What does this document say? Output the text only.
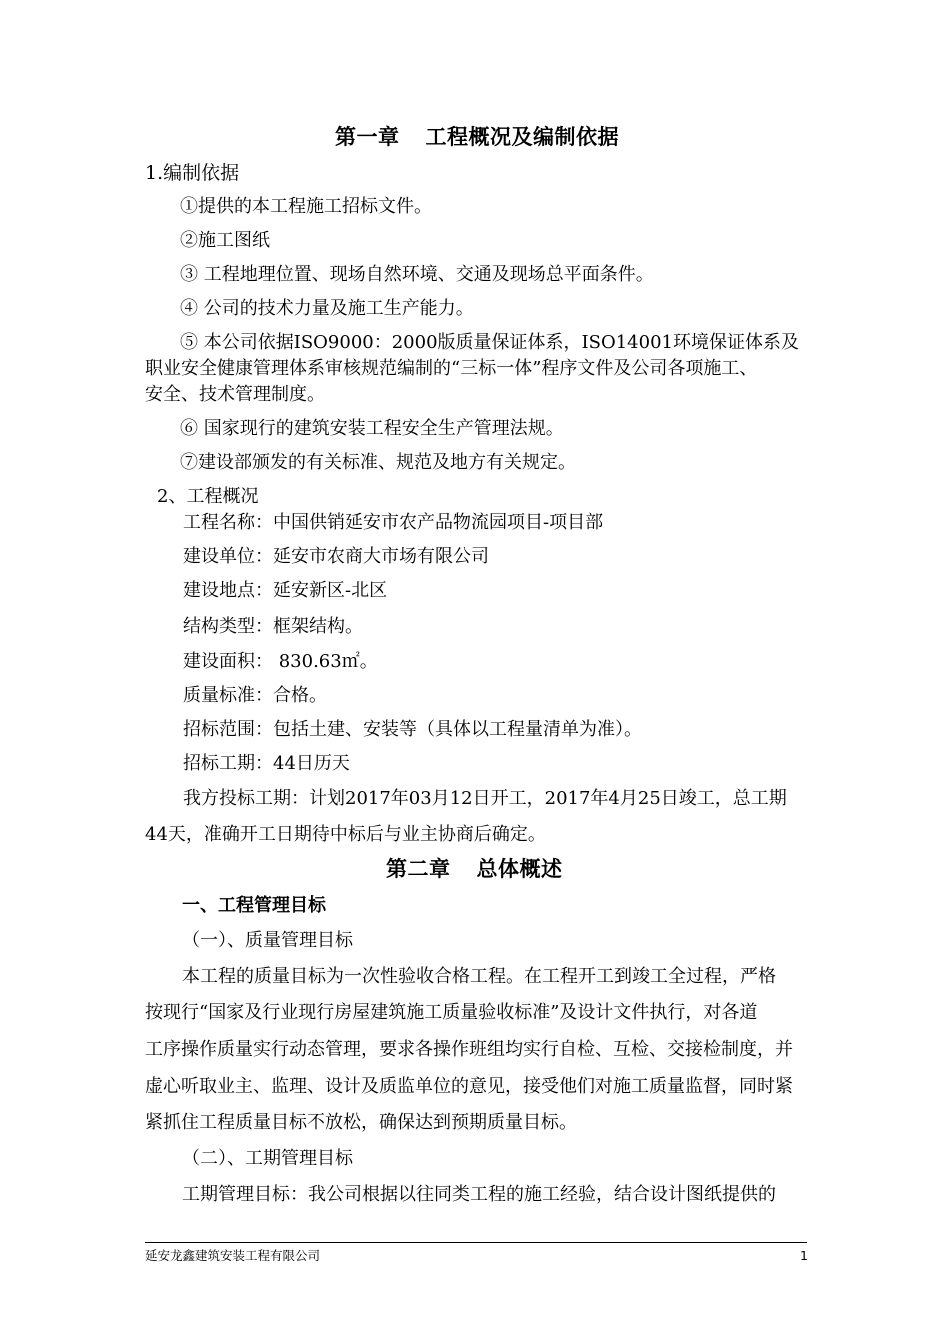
第一章 工程概况及编制依据
1.编制依据
①提供的本工程施工招标文件。
②施工图纸
③ 工程地理位置、现场自然环境、交通及现场总平面条件。
④ 公司的技术力量及施工生产能力。
⑤ 本公司依据ISO9000：2000版质量保证体系，ISO14001环境保证体系及
职业安全健康管理体系审核规范编制的“三标一体”程序文件及公司各项施工、
安全、技术管理制度。
⑥ 国家现行的建筑安装工程安全生产管理法规。
⑦建设部颁发的有关标准、规范及地方有关规定。
2、工程概况
工程名称：中国供销延安市农产品物流园项目-项目部
建设单位：延安市农商大市场有限公司
建设地点：延安新区-北区
结构类型：框架结构。
建设面积： 830.63㎡。
质量标准：合格。
招标范围：包括土建、安装等（具体以工程量清单为准）。
招标工期：44日历天
我方投标工期：计划2017年03月12日开工，2017年4月25日竣工，总工期
44天，准确开工日期待中标后与业主协商后确定。
第二章 总体概述
一、工程管理目标
（一）、质量管理目标
本工程的质量目标为一次性验收合格工程。在工程开工到竣工全过程，严格
按现行“国家及行业现行房屋建筑施工质量验收标准”及设计文件执行，对各道
工序操作质量实行动态管理，要求各操作班组均实行自检、互检、交接检制度，并
虚心听取业主、监理、设计及质监单位的意见，接受他们对施工质量监督，同时紧
紧抓住工程质量目标不放松，确保达到预期质量目标。
（二）、工期管理目标
工期管理目标：我公司根据以往同类工程的施工经验，结合设计图纸提供的
延安龙鑫建筑安装工程有限公司	1
